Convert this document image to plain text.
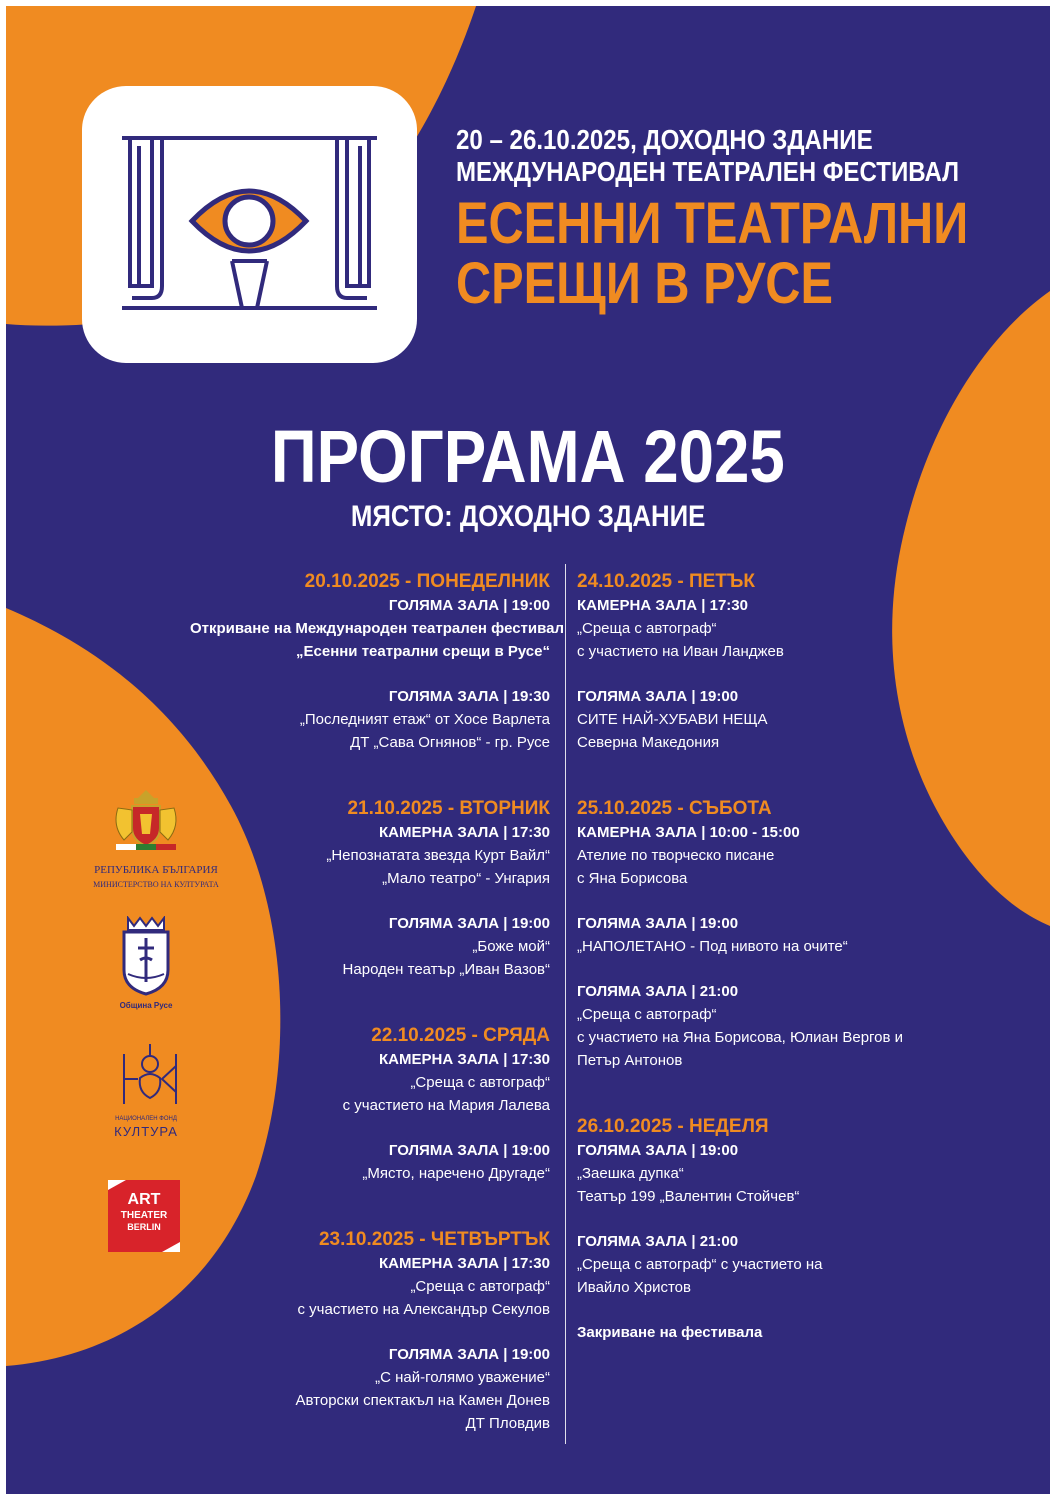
20 – 26.10.2025, ДОХОДНО ЗДАНИЕ
МЕЖДУНАРОДЕН ТЕАТРАЛЕН ФЕСТИВАЛ
ЕСЕННИ ТЕАТРАЛНИ
СРЕЩИ В РУСЕ
ПРОГРАМА 2025
МЯСТО: ДОХОДНО ЗДАНИЕ
20.10.2025 - ПОНЕДЕЛНИК
ГОЛЯМА ЗАЛА | 19:00
Откриване на Международен театрален фестивал
„Есенни театрални срещи в Русе“
ГОЛЯМА ЗАЛА | 19:30
„Последният етаж“ от Хосе Варлета
ДТ „Сава Огнянов“ - гр. Русе
21.10.2025 - ВТОРНИК
КАМЕРНА ЗАЛА | 17:30
„Непознатата звезда Курт Вайл“
„Мало театро“ - Унгария
ГОЛЯМА ЗАЛА | 19:00
„Боже мой“
Народен театър „Иван Вазов“
22.10.2025 - СРЯДА
КАМЕРНА ЗАЛА | 17:30
„Среща с автограф“
с участието на Мария Лалева
ГОЛЯМА ЗАЛА | 19:00
„Място, наречено Другаде“
23.10.2025 - ЧЕТВЪРТЪК
КАМЕРНА ЗАЛА | 17:30
„Среща с автограф“
с участието на Александър Секулов
ГОЛЯМА ЗАЛА | 19:00
„С най-голямо уважение“
Авторски спектакъл на Камен Донев
ДТ Пловдив
24.10.2025 - ПЕТЪК
КАМЕРНА ЗАЛА | 17:30
„Среща с автограф“
с участието на Иван Ланджев
ГОЛЯМА ЗАЛА | 19:00
СИТЕ НАЙ-ХУБАВИ НЕЩА
Северна Македония
25.10.2025 - СЪБОТА
КАМЕРНА ЗАЛА | 10:00 - 15:00
Ателие по творческо писане
с Яна Борисова
ГОЛЯМА ЗАЛА | 19:00
„НАПОЛЕТАНО - Под нивото на очите“
ГОЛЯМА ЗАЛА | 21:00
„Среща с автограф“
с участието на Яна Борисова, Юлиан Вергов и
Петър Антонов
26.10.2025 - НЕДЕЛЯ
ГОЛЯМА ЗАЛА | 19:00
„Заешка дупка“
Театър 199 „Валентин Стойчев“
ГОЛЯМА ЗАЛА | 21:00
„Среща с автограф“ с участието на
Ивайло Христов
Закриване на фестивала
РЕПУБЛИКА БЪЛГАРИЯ
МИНИСТЕРСТВО НА КУЛТУРАТА
Община Русе
НАЦИОНАЛЕН ФОНД
КУЛТУРА
ART
THEATER
BERLIN
